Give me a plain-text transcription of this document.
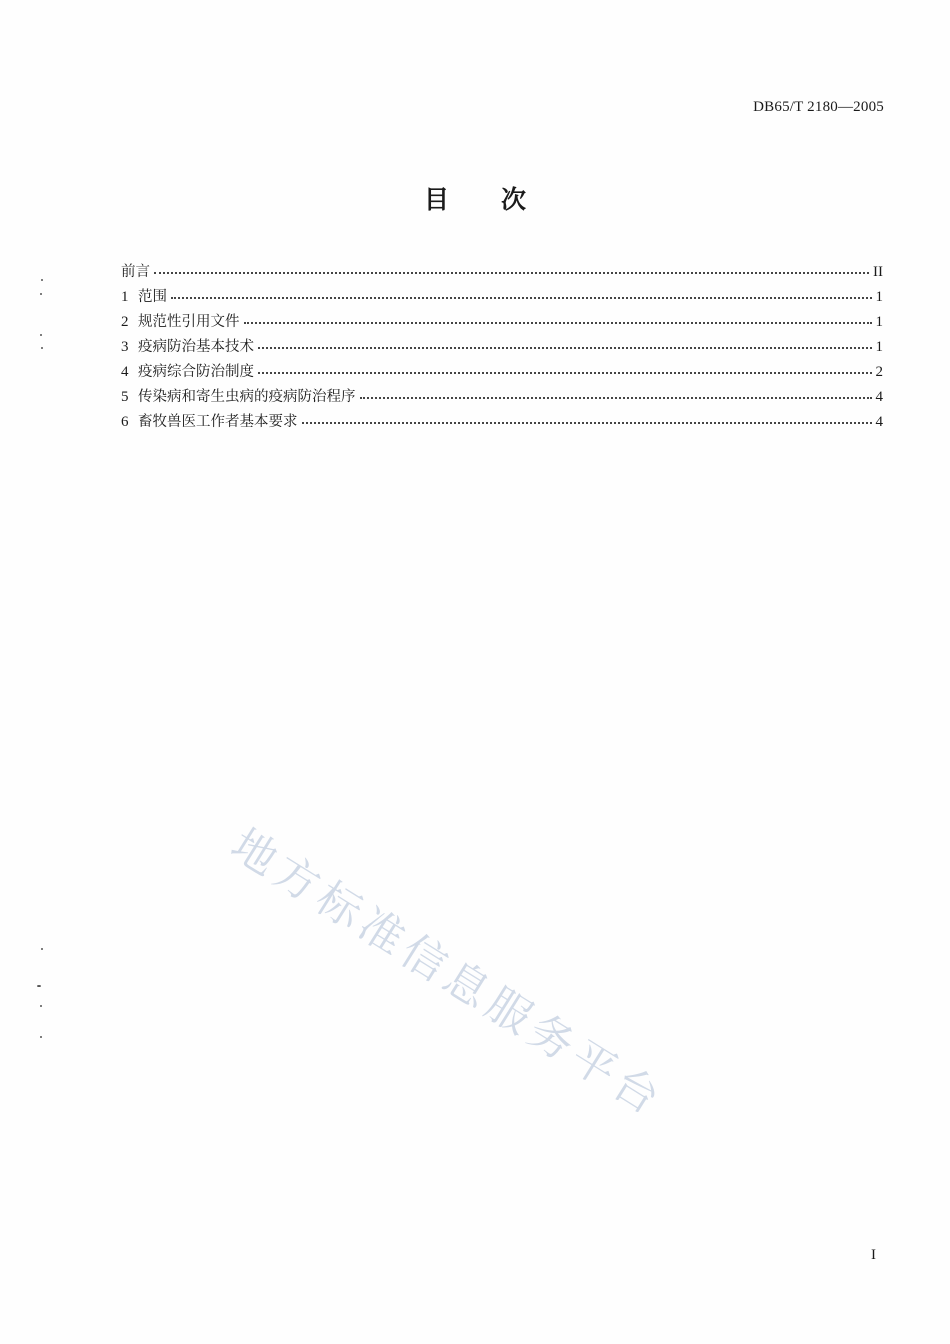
DB65/T 2180—2005
目次
前言	II
1 范围	1
2 规范性引用文件	1
3 疫病防治基本技术	1
4 疫病综合防治制度	2
5 传染病和寄生虫病的疫病防治程序	4
6 畜牧兽医工作者基本要求	4
地方标准信息服务平台
I
